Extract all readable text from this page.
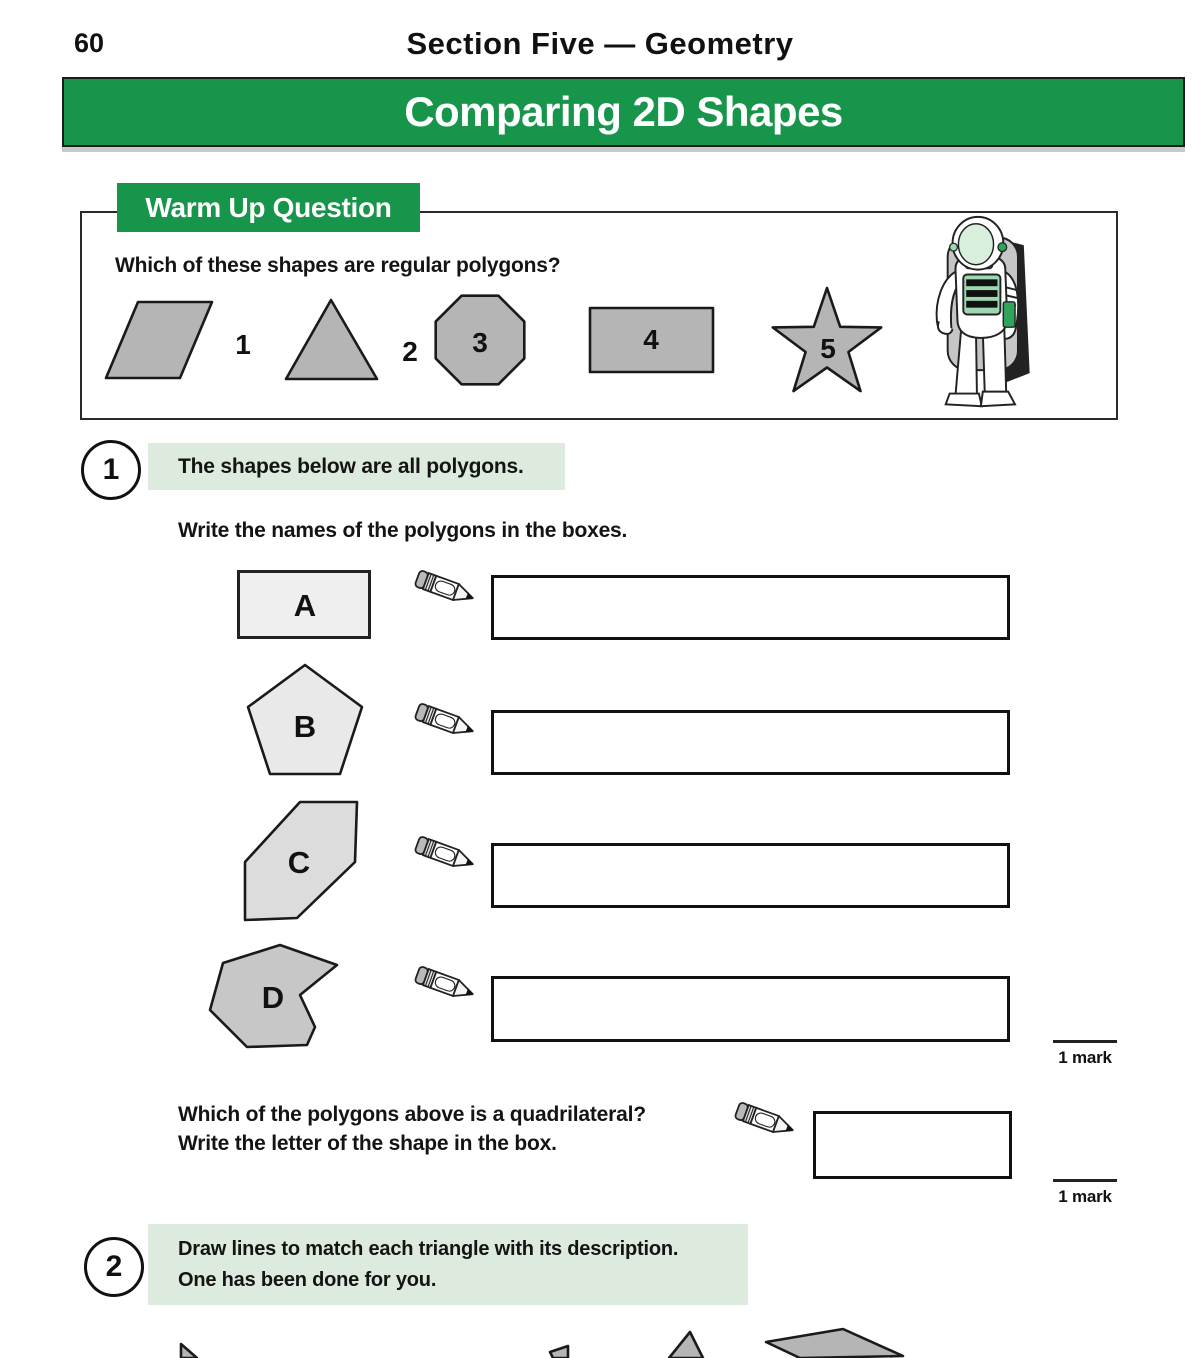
60	Section Five — Geometry
Comparing 2D Shapes
Warm Up Question
Which of these shapes are regular polygons?
1	2 3	4	5
1	The shapes below are all polygons.
Write the names of the polygons in the boxes.
A
B
C
D
1 mark
Which of the polygons above is a quadrilateral?
Write the letter of the shape in the box.
1 mark
2
Draw lines to match each triangle with its description.
One has been done for you.
